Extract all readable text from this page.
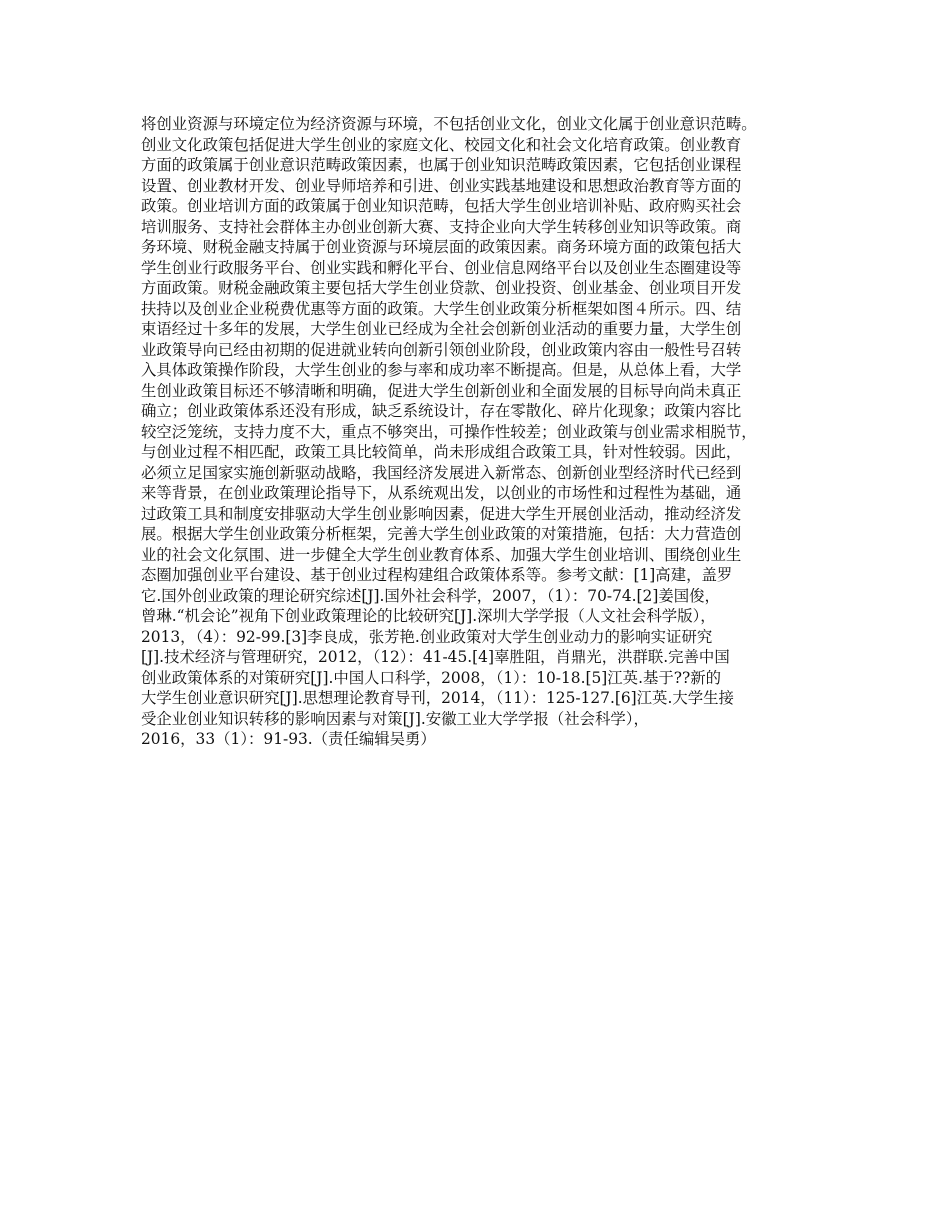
将创业资源与环境定位为经济资源与环境，不包括创业文化，创业文化属于创业意识范畴。
创业文化政策包括促进大学生创业的家庭文化、校园文化和社会文化培育政策。创业教育
方面的政策属于创业意识范畴政策因素，也属于创业知识范畴政策因素，它包括创业课程
设置、创业教材开发、创业导师培养和引进、创业实践基地建设和思想政治教育等方面的
政策。创业培训方面的政策属于创业知识范畴，包括大学生创业培训补贴、政府购买社会
培训服务、支持社会群体主办创业创新大赛、支持企业向大学生转移创业知识等政策。商
务环境、财税金融支持属于创业资源与环境层面的政策因素。商务环境方面的政策包括大
学生创业行政服务平台、创业实践和孵化平台、创业信息网络平台以及创业生态圈建设等
方面政策。财税金融政策主要包括大学生创业贷款、创业投资、创业基金、创业项目开发
扶持以及创业企业税费优惠等方面的政策。大学生创业政策分析框架如图４所示。四、结
束语经过十多年的发展，大学生创业已经成为全社会创新创业活动的重要力量，大学生创
业政策导向已经由初期的促进就业转向创新引领创业阶段，创业政策内容由一般性号召转
入具体政策操作阶段，大学生创业的参与率和成功率不断提高。但是，从总体上看，大学
生创业政策目标还不够清晰和明确，促进大学生创新创业和全面发展的目标导向尚未真正
确立；创业政策体系还没有形成，缺乏系统设计，存在零散化、碎片化现象；政策内容比
较空泛笼统，支持力度不大，重点不够突出，可操作性较差；创业政策与创业需求相脱节，
与创业过程不相匹配，政策工具比较简单，尚未形成组合政策工具，针对性较弱。因此，
必须立足国家实施创新驱动战略，我国经济发展进入新常态、创新创业型经济时代已经到
来等背景，在创业政策理论指导下，从系统观出发，以创业的市场性和过程性为基础，通
过政策工具和制度安排驱动大学生创业影响因素，促进大学生开展创业活动，推动经济发
展。根据大学生创业政策分析框架，完善大学生创业政策的对策措施，包括：大力营造创
业的社会文化氛围、进一步健全大学生创业教育体系、加强大学生创业培训、围绕创业生
态圈加强创业平台建设、基于创业过程构建组合政策体系等。参考文献：[1]高建，盖罗
它.国外创业政策的理论研究综述[J].国外社会科学，2007，（1）：70-74.[2]姜国俊，
曾琳.“机会论”视角下创业政策理论的比较研究[J].深圳大学学报（人文社会科学版），
2013，（4）：92-99.[3]李良成，张芳艳.创业政策对大学生创业动力的影响实证研究
[J].技术经济与管理研究，2012，（12）：41-45.[4]辜胜阻，肖鼎光，洪群联.完善中国
创业政策体系的对策研究[J].中国人口科学，2008，（1）：10-18.[5]江英.基于??新的
大学生创业意识研究[J].思想理论教育导刊，2014，（11）：125-127.[6]江英.大学生接
受企业创业知识转移的影响因素与对策[J].安徽工业大学学报（社会科学），
2016，33（1）：91-93.（责任编辑吴勇）
